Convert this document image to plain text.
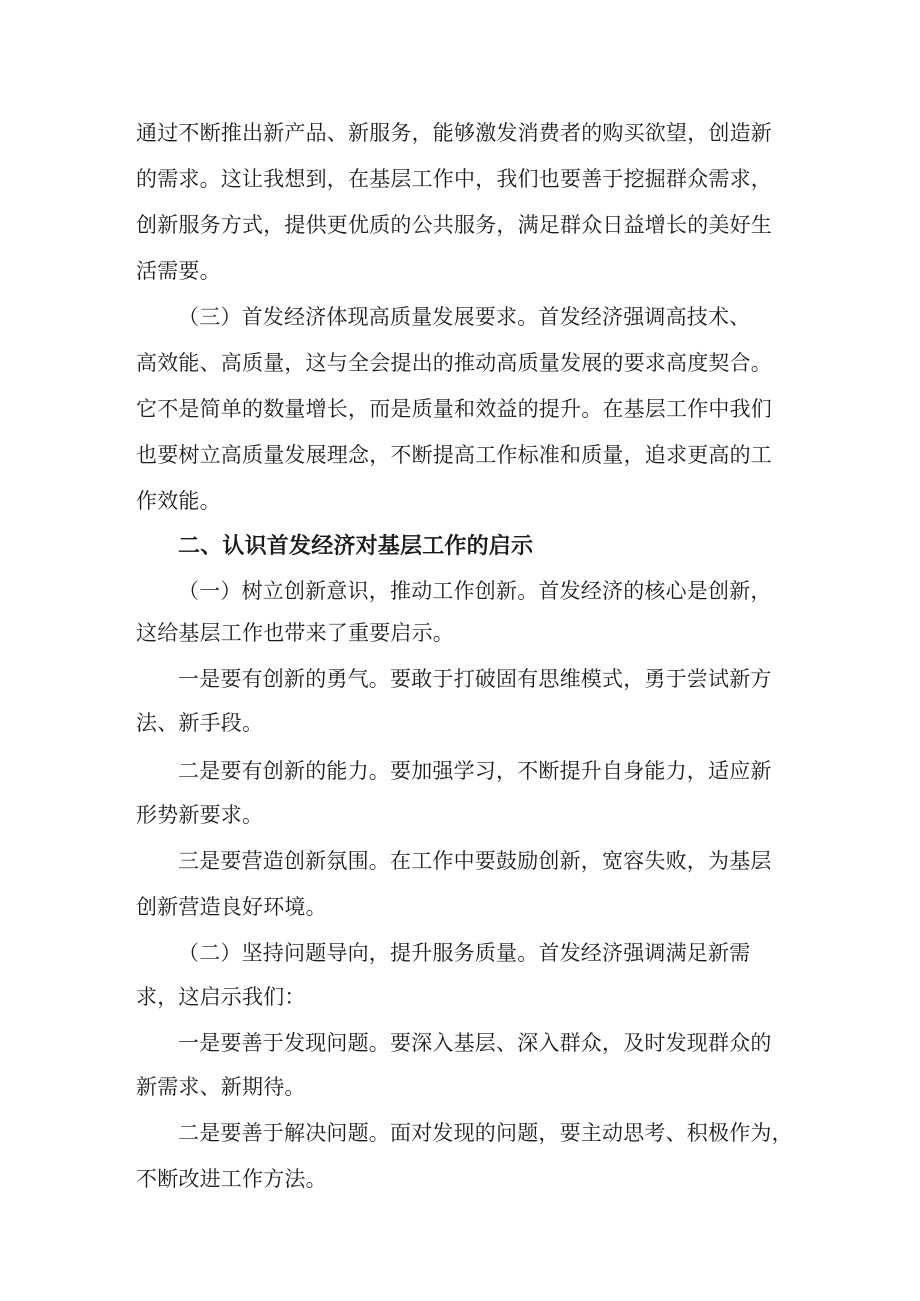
通过不断推出新产品、新服务，能够激发消费者的购买欲望，创造新
的需求。这让我想到，在基层工作中，我们也要善于挖掘群众需求，
创新服务方式，提供更优质的公共服务，满足群众日益增长的美好生
活需要。
（三）首发经济体现高质量发展要求。首发经济强调高技术、
高效能、高质量，这与全会提出的推动高质量发展的要求高度契合。
它不是简单的数量增长，而是质量和效益的提升。在基层工作中我们
也要树立高质量发展理念，不断提高工作标准和质量，追求更高的工
作效能。
二、认识首发经济对基层工作的启示
（一）树立创新意识，推动工作创新。首发经济的核心是创新，
这给基层工作也带来了重要启示。
一是要有创新的勇气。要敢于打破固有思维模式，勇于尝试新方
法、新手段。
二是要有创新的能力。要加强学习，不断提升自身能力，适应新
形势新要求。
三是要营造创新氛围。在工作中要鼓励创新，宽容失败，为基层
创新营造良好环境。
（二）坚持问题导向，提升服务质量。首发经济强调满足新需
求，这启示我们：
一是要善于发现问题。要深入基层、深入群众，及时发现群众的
新需求、新期待。
二是要善于解决问题。面对发现的问题，要主动思考、积极作为，
不断改进工作方法。
